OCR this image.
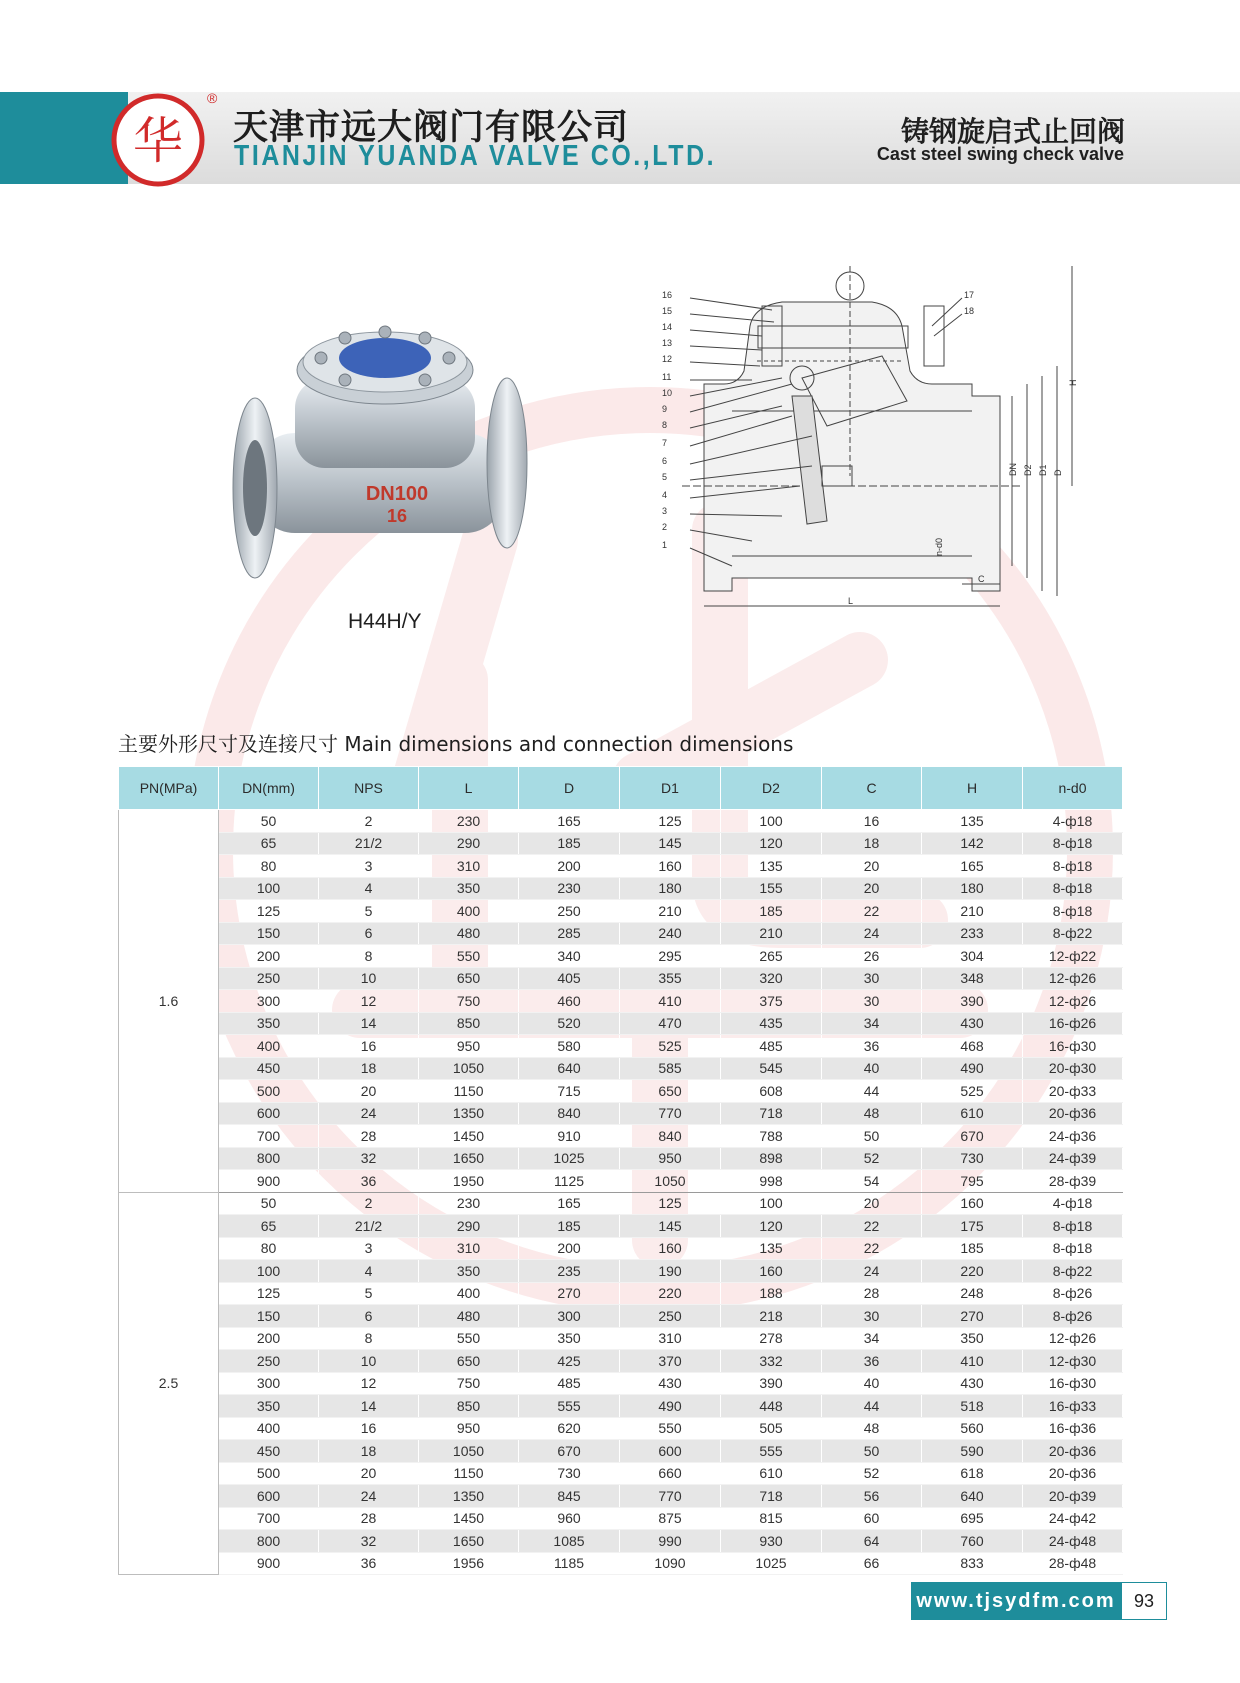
华
®
天津市远大阀门有限公司
TIANJIN YUANDA VALVE CO.,LTD.
铸钢旋启式止回阀
Cast steel swing check valve
DN100
16
H44H/Y
16
15
14
13
12
11
10
9
8
7
6
5
4
3
2
1
17
18
L
C
n-d0
DN D2 D1 D
H
主要外形尺寸及连接尺寸 Main dimensions and connection dimensions
PN(MPa)	DN(mm)	NPS	L	D	D1	D2	C	H	n-d0
1.6	50	2	230	165	125	100	16	135	4-ф18
	65	21/2	290	185	145	120	18	142	8-ф18
	80	3	310	200	160	135	20	165	8-ф18
	100	4	350	230	180	155	20	180	8-ф18
	125	5	400	250	210	185	22	210	8-ф18
	150	6	480	285	240	210	24	233	8-ф22
	200	8	550	340	295	265	26	304	12-ф22
	250	10	650	405	355	320	30	348	12-ф26
	300	12	750	460	410	375	30	390	12-ф26
	350	14	850	520	470	435	34	430	16-ф26
	400	16	950	580	525	485	36	468	16-ф30
	450	18	1050	640	585	545	40	490	20-ф30
	500	20	1150	715	650	608	44	525	20-ф33
	600	24	1350	840	770	718	48	610	20-ф36
	700	28	1450	910	840	788	50	670	24-ф36
	800	32	1650	1025	950	898	52	730	24-ф39
	900	36	1950	1125	1050	998	54	795	28-ф39
2.5	50	2	230	165	125	100	20	160	4-ф18
	65	21/2	290	185	145	120	22	175	8-ф18
	80	3	310	200	160	135	22	185	8-ф18
	100	4	350	235	190	160	24	220	8-ф22
	125	5	400	270	220	188	28	248	8-ф26
	150	6	480	300	250	218	30	270	8-ф26
	200	8	550	350	310	278	34	350	12-ф26
	250	10	650	425	370	332	36	410	12-ф30
	300	12	750	485	430	390	40	430	16-ф30
	350	14	850	555	490	448	44	518	16-ф33
	400	16	950	620	550	505	48	560	16-ф36
	450	18	1050	670	600	555	50	590	20-ф36
	500	20	1150	730	660	610	52	618	20-ф36
	600	24	1350	845	770	718	56	640	20-ф39
	700	28	1450	960	875	815	60	695	24-ф42
	800	32	1650	1085	990	930	64	760	24-ф48
	900	36	1956	1185	1090	1025	66	833	28-ф48
www.tjsydfm.com	93
